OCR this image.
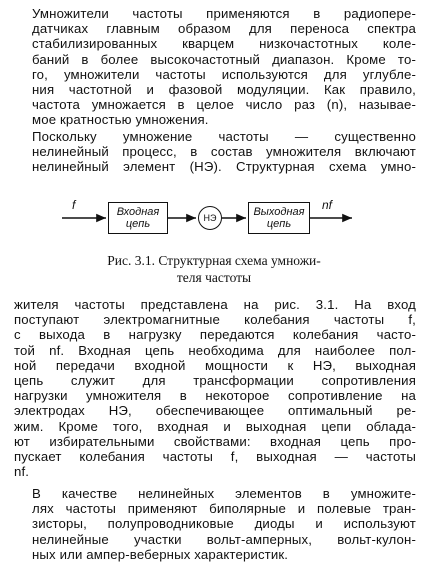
Умножители частоты применяются в радиопере-
датчиках главным образом для переноса спектра
стабилизированных кварцем низкочастотных коле-
баний в более высокочастотный диапазон. Кроме то-
го, умножители частоты используются для углубле-
ния частотной и фазовой модуляции. Как правило,
частота умножается в целое число раз (n), называе-
мое кратностью умножения.

Поскольку умножение частоты — существенно
нелинейный процесс, в состав умножителя включают
нелинейный элемент (НЭ). Структурная схема умно-

f	Входная
цепь	НЭ	Выходная
цепь
nf

Рис. 3.1. Структурная схема умножи-
теля частоты

жителя частоты представлена на рис. 3.1. На вход
поступают электромагнитные колебания частоты f,
с выхода в нагрузку передаются колебания часто-
той nf. Входная цепь необходима для наиболее пол-
ной передачи входной мощности к НЭ, выходная
цепь служит для трансформации сопротивления
нагрузки умножителя в некоторое сопротивление на
электродах НЭ, обеспечивающее оптимальный ре-
жим. Кроме того, входная и выходная цепи облада-
ют избирательными свойствами: входная цепь про-
пускает колебания частоты f, выходная — частоты
nf.

В качестве нелинейных элементов в умножите-
лях частоты применяют биполярные и полевые тран-
зисторы, полупроводниковые диоды и используют
нелинейные участки вольт-амперных, вольт-кулон-
ных или ампер-веберных характеристик.
